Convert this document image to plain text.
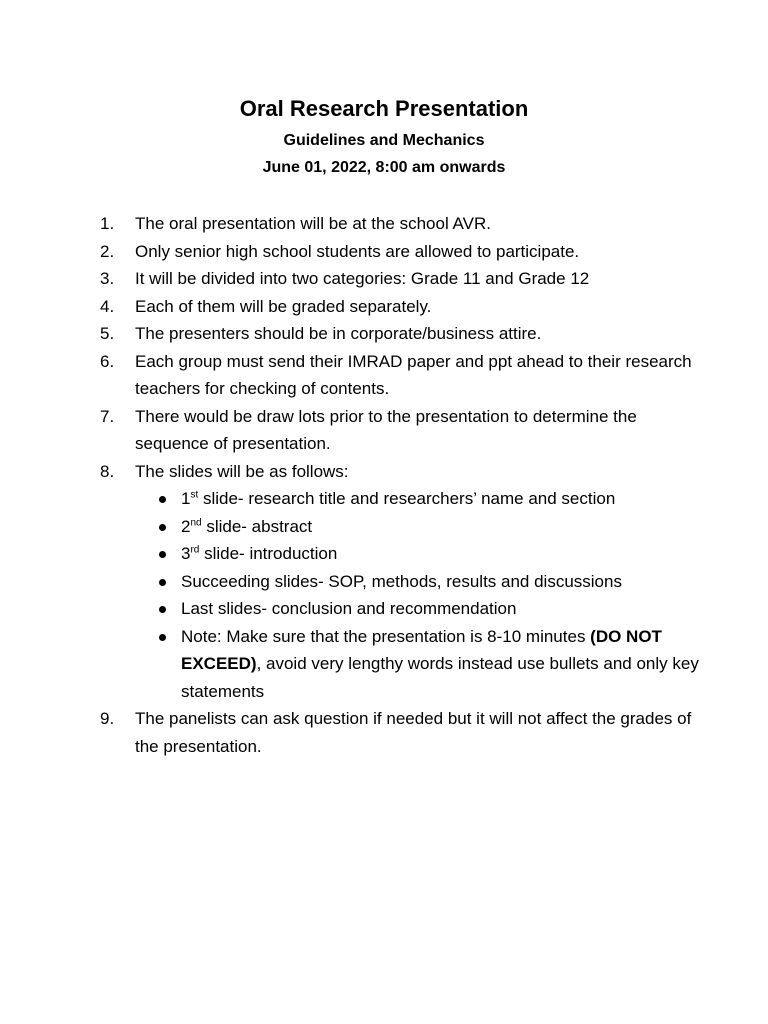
Oral Research Presentation
Guidelines and Mechanics
June 01, 2022, 8:00 am onwards
1.	The oral presentation will be at the school AVR.
2.	Only senior high school students are allowed to participate.
3.	It will be divided into two categories: Grade 11 and Grade 12
4.	Each of them will be graded separately.
5.	The presenters should be in corporate/business attire.
6.	Each group must send their IMRAD paper and ppt ahead to their research teachers for checking of contents.
7.	There would be draw lots prior to the presentation to determine the sequence of presentation.
8.	The slides will be as follows:
1st slide- research title and researchers’ name and section
2nd slide- abstract
3rd slide- introduction
Succeeding slides- SOP, methods, results and discussions
Last slides- conclusion and recommendation
Note: Make sure that the presentation is 8-10 minutes (DO NOT EXCEED), avoid very lengthy words instead use bullets and only key statements
9.	The panelists can ask question if needed but it will not affect the grades of the presentation.
